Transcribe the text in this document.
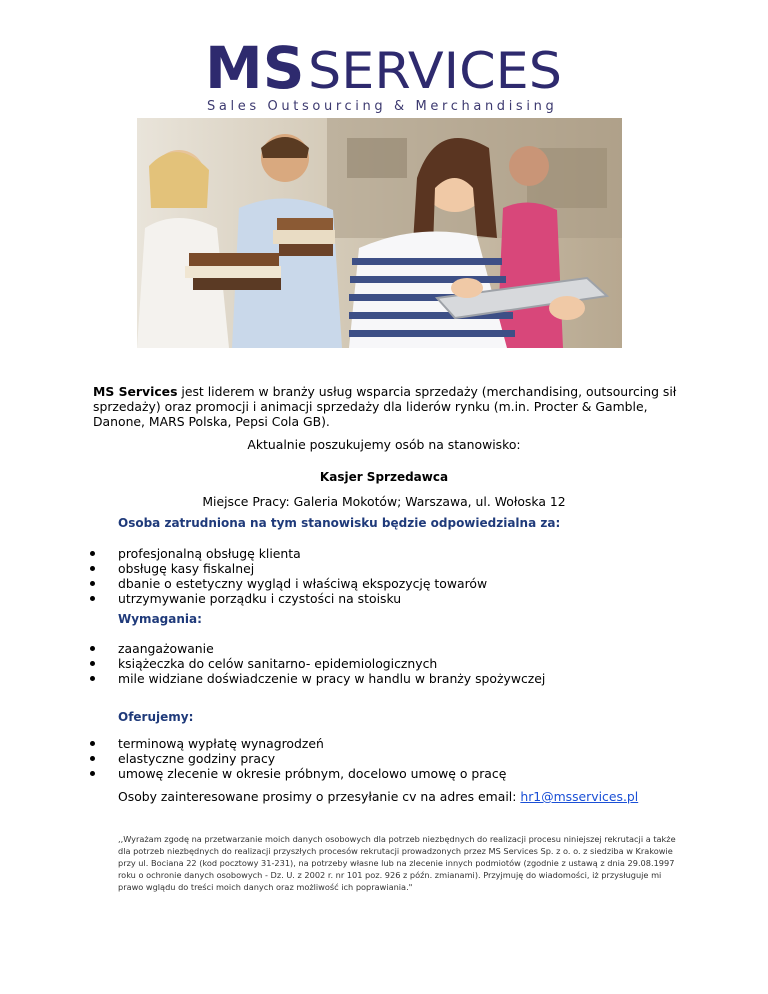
MS SERVICES
Sales Outsourcing & Merchandising

MS Services jest liderem w branży usług wsparcia sprzedaży (merchandising, outsourcing sił sprzedaży) oraz promocji i animacji sprzedaży dla liderów rynku (m.in. Procter & Gamble, Danone, MARS Polska, Pepsi Cola GB).

Aktualnie poszukujemy osób na stanowisko:

Kasjer Sprzedawca

Miejsce Pracy: Galeria Mokotów; Warszawa, ul. Wołoska 12

Osoba zatrudniona na tym stanowisku będzie odpowiedzialna za:

profesjonalną obsługę klienta
obsługę kasy fiskalnej
dbanie o estetyczny wygląd i właściwą ekspozycję towarów
utrzymywanie porządku i czystości na stoisku

Wymagania:

zaangażowanie
książeczka do celów sanitarno- epidemiologicznych
mile widziane doświadczenie w pracy w handlu w branży spożywczej

Oferujemy:

terminową wypłatę wynagrodzeń
elastyczne godziny pracy
umowę zlecenie w okresie próbnym, docelowo umowę o pracę

Osoby zainteresowane prosimy o przesyłanie cv na adres email: hr1@msservices.pl

,,Wyrażam zgodę na przetwarzanie moich danych osobowych dla potrzeb niezbędnych do realizacji procesu niniejszej rekrutacji a także dla potrzeb niezbędnych do realizacji przyszłych procesów rekrutacji prowadzonych przez MS Services Sp. z o. o. z siedziba w Krakowie przy ul. Bociana 22 (kod pocztowy 31-231), na potrzeby własne lub na zlecenie innych podmiotów (zgodnie z ustawą z dnia 29.08.1997 roku o ochronie danych osobowych - Dz. U. z 2002 r. nr 101 poz. 926 z późn. zmianami). Przyjmuję do wiadomości, iż przysługuje mi prawo wglądu do treści moich danych oraz możliwość ich poprawiania."
